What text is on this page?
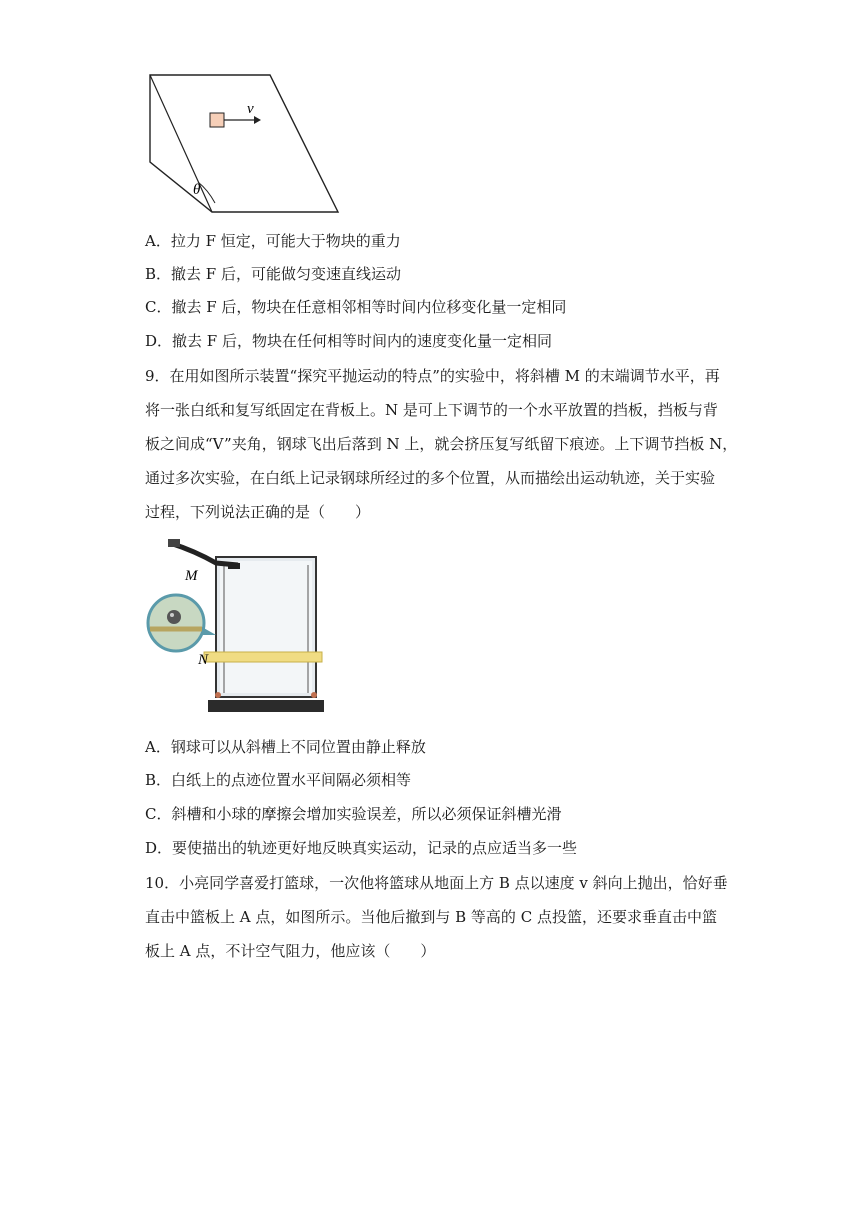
v
θ
A．拉力 F 恒定，可能大于物块的重力
B．撤去 F 后，可能做匀变速直线运动
C．撤去 F 后，物块在任意相邻相等时间内位移变化量一定相同
D．撤去 F 后，物块在任何相等时间内的速度变化量一定相同
9．在用如图所示装置“探究平抛运动的特点”的实验中，将斜槽 M 的末端调节水平，再
将一张白纸和复写纸固定在背板上。N 是可上下调节的一个水平放置的挡板，挡板与背
板之间成“V”夹角，钢球飞出后落到 N 上，就会挤压复写纸留下痕迹。上下调节挡板 N，
通过多次实验，在白纸上记录钢球所经过的多个位置，从而描绘出运动轨迹，关于实验
过程，下列说法正确的是（　　）
M
N
A．钢球可以从斜槽上不同位置由静止释放
B．白纸上的点迹位置水平间隔必须相等
C．斜槽和小球的摩擦会增加实验误差，所以必须保证斜槽光滑
D．要使描出的轨迹更好地反映真实运动，记录的点应适当多一些
10．小亮同学喜爱打篮球，一次他将篮球从地面上方 B 点以速度 v 斜向上抛出，恰好垂
直击中篮板上 A 点，如图所示。当他后撤到与 B 等高的 C 点投篮，还要求垂直击中篮
板上 A 点，不计空气阻力，他应该（　　）
